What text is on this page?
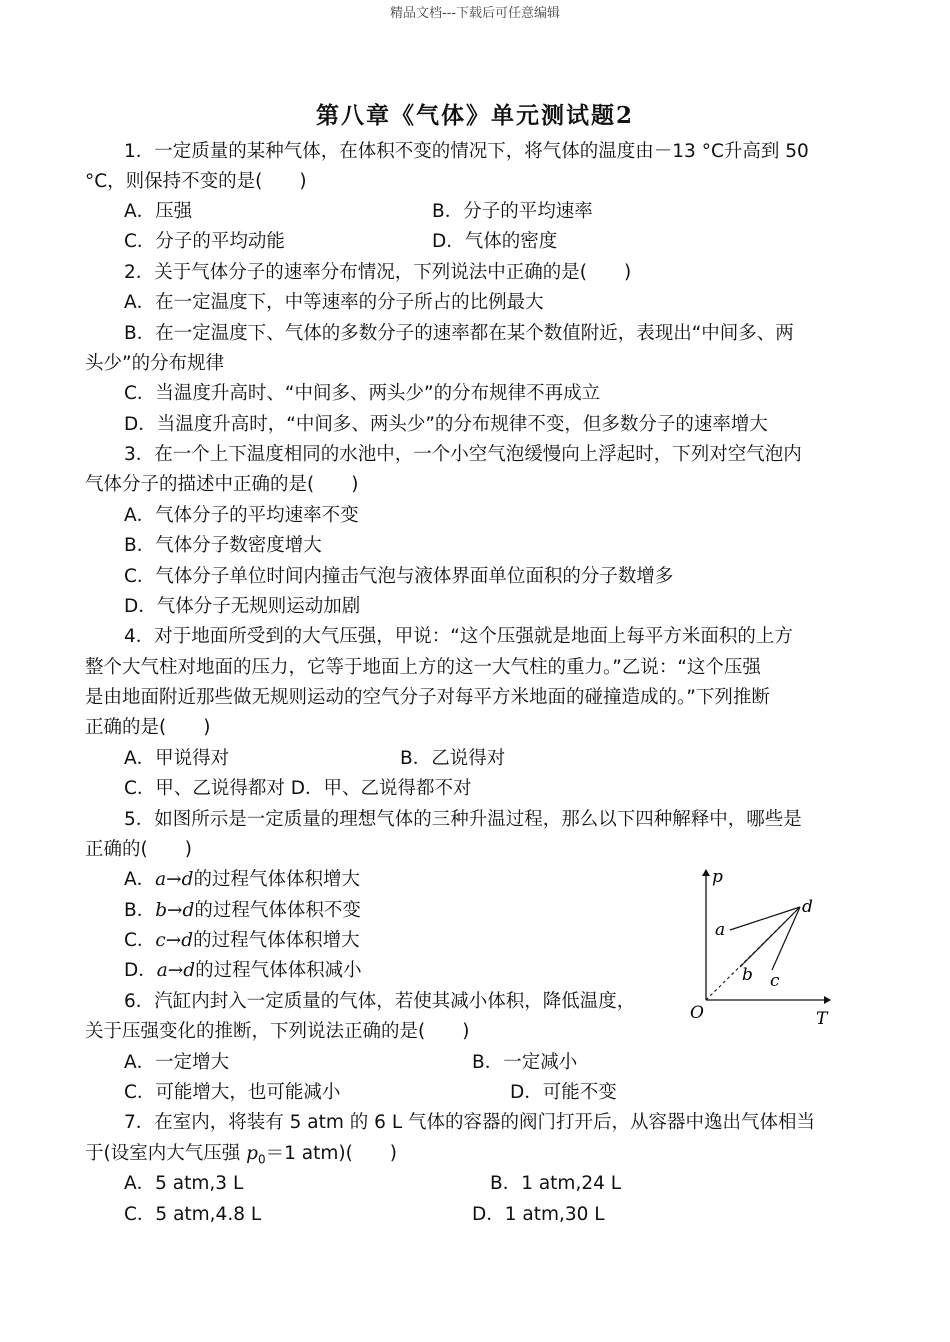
精品文档---下载后可任意编辑
第八章《气体》单元测试题2
1．一定质量的某种气体，在体积不变的情况下，将气体的温度由－13 °C升高到 50
°C，则保持不变的是(　　)
A．压强	B．分子的平均速率
C．分子的平均动能	D．气体的密度
2．关于气体分子的速率分布情况，下列说法中正确的是(　　)
A．在一定温度下，中等速率的分子所占的比例最大
B．在一定温度下、气体的多数分子的速率都在某个数值附近，表现出“中间多、两
头少”的分布规律
C．当温度升高时、“中间多、两头少”的分布规律不再成立
D．当温度升高时，“中间多、两头少”的分布规律不变，但多数分子的速率增大
3．在一个上下温度相同的水池中，一个小空气泡缓慢向上浮起时，下列对空气泡内
气体分子的描述中正确的是(　　)
A．气体分子的平均速率不变
B．气体分子数密度增大
C．气体分子单位时间内撞击气泡与液体界面单位面积的分子数增多
D．气体分子无规则运动加剧
4．对于地面所受到的大气压强，甲说：“这个压强就是地面上每平方米面积的上方
整个大气柱对地面的压力，它等于地面上方的这一大气柱的重力。”乙说：“这个压强
是由地面附近那些做无规则运动的空气分子对每平方米地面的碰撞造成的。”下列推断
正确的是(　　)
A．甲说得对	B．乙说得对
C．甲、乙说得都对 D．甲、乙说得都不对
5．如图所示是一定质量的理想气体的三种升温过程，那么以下四种解释中，哪些是
正确的(　　)
A．a→d的过程气体体积增大
B．b→d的过程气体体积不变
C．c→d的过程气体体积增大
D．a→d的过程气体体积减小
p
T
O
a
b c
d
6．汽缸内封入一定质量的气体，若使其减小体积，降低温度，
关于压强变化的推断，下列说法正确的是(　　)
A．一定增大	B．一定减小
C．可能增大，也可能减小	D．可能不变
7．在室内，将装有 5 atm 的 6 L 气体的容器的阀门打开后，从容器中逸出气体相当
于(设室内大气压强 $p_0=1$ atm)(　　)
A．5 atm,3 L	B．1 atm,24 L
C．5 atm,4.8 L	D．1 atm,30 L
